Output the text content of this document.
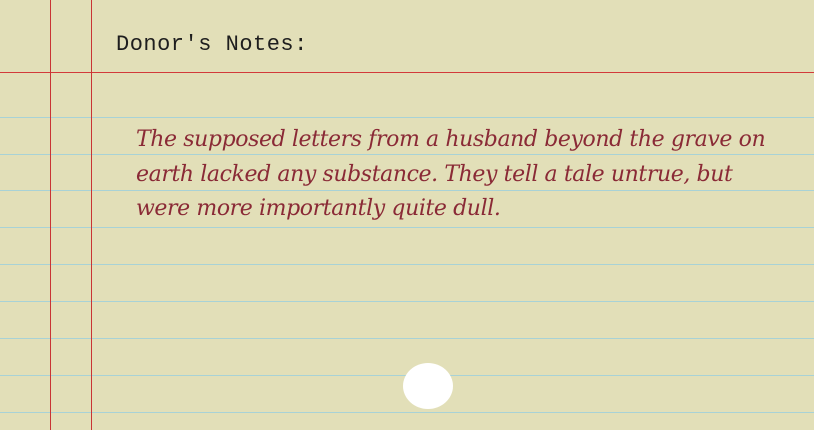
Donor's Notes:

The supposed letters from a husband beyond the grave on earth lacked any substance. They tell a tale untrue, but were more importantly quite dull.
